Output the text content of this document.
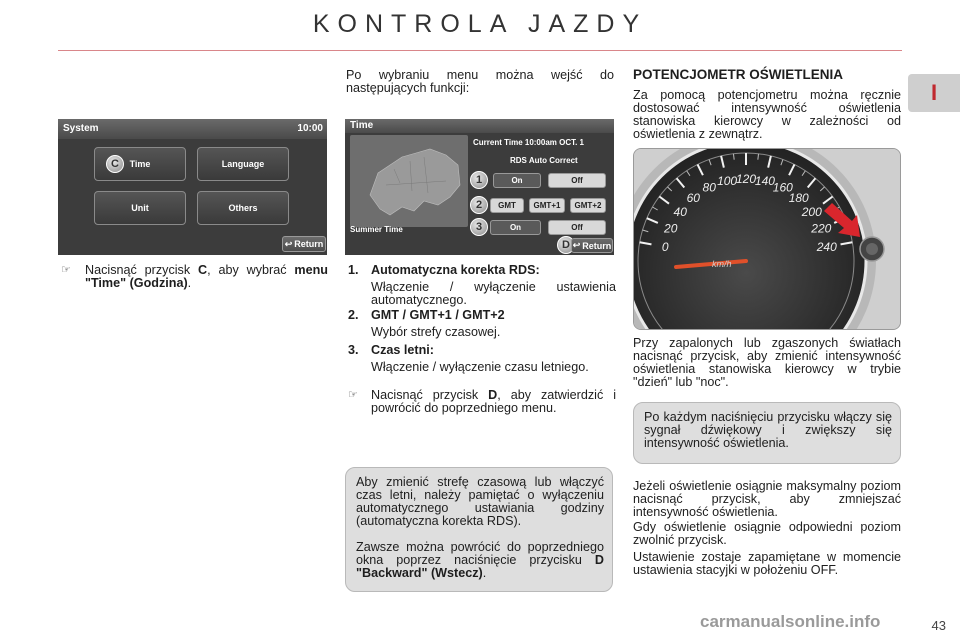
KONTROLA JAZDY
I
System	10:00
Time	Language
Unit	Others
C
↩ Return
Time
Current Time 10:00am OCT. 1
RDS Auto Correct
On	Off
GMT GMT+1 GMT+2
Summer Time	On	Off
1
2
3
D ↩ Return
☞ Nacisnąć przycisk C, aby wybrać menu "Time" (Godzina).
Po wybraniu menu można wejść do następujących funkcji:
1. Automatyczna korekta RDS:
Włączenie / wyłączenie ustawienia automatycznego.
2. GMT / GMT+1 / GMT+2
Wybór strefy czasowej.
3. Czas letni:
Włączenie / wyłączenie czasu letniego.
☞ Nacisnąć przycisk D, aby zatwierdzić i powrócić do poprzedniego menu.
Aby zmienić strefę czasową lub włączyć czas letni, należy pamiętać o wyłączeniu automatycznego ustawiania godziny (automatyczna korekta RDS).
Zawsze można powrócić do poprzedniego okna poprzez naciśnięcie przycisku D "Backward" (Wstecz).
POTENCJOMETR OŚWIETLENIA
Za pomocą potencjometru można ręcznie dostosować intensywność oświetlenia stanowiska kierowcy w zależności od oświetlenia z zewnątrz.
0
20
40
60
80 100
120
140
160
180
200
220
240
km/h
Przy zapalonych lub zgaszonych światłach nacisnąć przycisk, aby zmienić intensywność oświetlenia stanowiska kierowcy w trybie "dzień" lub "noc".
Po każdym naciśnięciu przycisku włączy się sygnał dźwiękowy i zwiększy się intensywność oświetlenia.
Jeżeli oświetlenie osiągnie maksymalny poziom nacisnąć przycisk, aby zmniejszać intensywność oświetlenia.
Gdy oświetlenie osiągnie odpowiedni poziom zwolnić przycisk.
Ustawienie zostaje zapamiętane w momencie ustawienia stacyjki w położeniu OFF.
carmanualsonline.info	43
